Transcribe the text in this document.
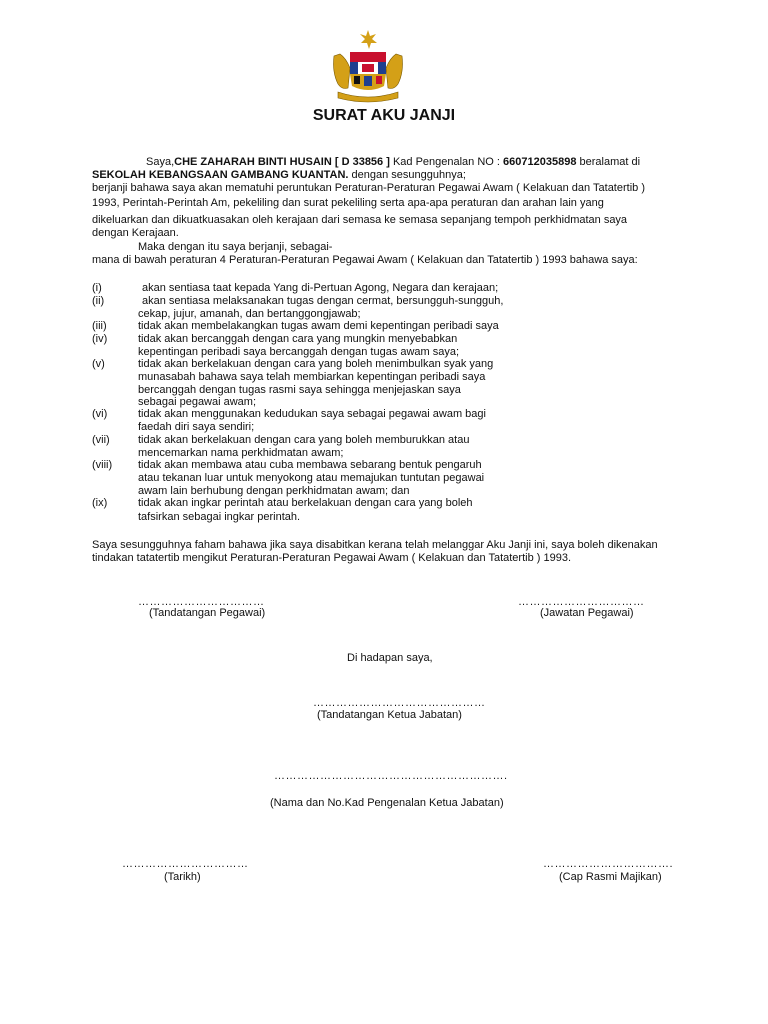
SURAT AKU JANJI
Saya,CHE ZAHARAH BINTI HUSAIN [ D 33856 ] Kad Pengenalan NO : 660712035898 beralamat di
SEKOLAH KEBANGSAAN GAMBANG KUANTAN. dengan sesungguhnya;
berjanji bahawa saya akan mematuhi peruntukan Peraturan-Peraturan Pegawai Awam ( Kelakuan dan Tatatertib )
1993, Perintah-Perintah Am, pekeliling dan surat pekeliling serta apa-apa peraturan dan arahan lain yang
dikeluarkan dan dikuatkuasakan oleh kerajaan dari semasa ke semasa sepanjang tempoh perkhidmatan saya
dengan Kerajaan.
Maka dengan itu saya berjanji, sebagai-
mana di bawah peraturan 4 Peraturan-Peraturan Pegawai Awam ( Kelakuan dan Tatatertib ) 1993 bahawa saya:
(i)	akan sentiasa taat kepada Yang di-Pertuan Agong, Negara dan kerajaan;
(ii)	akan sentiasa melaksanakan tugas dengan cermat, bersungguh-sungguh,
cekap, jujur, amanah, dan bertanggongjawab;
(iii)	tidak akan membelakangkan tugas awam demi kepentingan peribadi saya
(iv)	tidak akan bercanggah dengan cara yang mungkin menyebabkan
kepentingan peribadi saya bercanggah dengan tugas awam saya;
(v)	tidak akan berkelakuan dengan cara yang boleh menimbulkan syak yang
munasabah bahawa saya telah membiarkan kepentingan peribadi saya
bercanggah dengan tugas rasmi saya sehingga menjejaskan saya
sebagai pegawai awam;
(vi)	tidak akan menggunakan kedudukan saya sebagai pegawai awam bagi
faedah diri saya sendiri;
(vii)	tidak akan berkelakuan dengan cara yang boleh memburukkan atau
mencemarkan nama perkhidmatan awam;
(viii) tidak akan membawa atau cuba membawa sebarang bentuk pengaruh
atau tekanan luar untuk menyokong atau memajukan tuntutan pegawai
awam lain berhubung dengan perkhidmatan awam; dan
(ix)	tidak akan ingkar perintah atau berkelakuan dengan cara yang boleh
tafsirkan sebagai ingkar perintah.
Saya sesungguhnya faham bahawa jika saya disabitkan kerana telah melanggar Aku Janji ini, saya boleh dikenakan
tindakan tatatertib mengikut Peraturan-Peraturan Pegawai Awam ( Kelakuan dan Tatatertib ) 1993.
……………………………
(Tandatangan Pegawai)
……………………………
(Jawatan Pegawai)
Di hadapan saya,
………………………………………
(Tandatangan Ketua Jabatan)
…………………………………………………….
(Nama dan No.Kad Pengenalan Ketua Jabatan)
……………………………
(Tarikh)
…………………………….
(Cap Rasmi Majikan)
